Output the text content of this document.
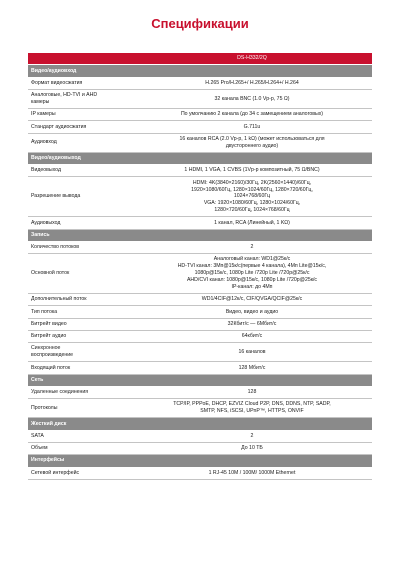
Спецификации
	DS-H332/2Q
Видео/аудиовход	
Формат видеосжатия	H.265 Pro/H.265+/ H.265/H.264+/ H.264
Аналоговые, HD-TVI и AHD
камеры	32 канала BNC (1.0 Vp-p, 75 Ω)
IP камеры	По умолчанию 2 канала (до 34 с замещением аналоговых)
Стандарт аудиосжатия	G.711u
Аудиовход	16 каналов RCA (2.0 Vp-p, 1 kΩ) (может использоваться для
двустороннего аудио)
Видео/аудиовыход	
Видеовыход	1 HDMI, 1 VGA, 1 CVBS (1Vp-p композитный, 75 Ω/BNC)
Разрешение вывода	HDMI: 4K(3840×2160)/30Гц, 2K(2560×1440)/60Гц,
1920×1080/60Гц, 1280×1024/60Гц, 1280×720/60Гц,
1024×768/60Гц
VGA: 1920×1080/60Гц, 1280×1024/60Гц,
1280×720/60Гц, 1024×768/60Гц
Аудиовыход	1 канал, RCA (Линейный, 1 KΩ)
Запись	
Количество потоков	2
Основной поток	Аналоговый канал: WD1@25к/с
HD-TVI канал: 3Мп@15к/с(первые 4 канала), 4Мп Lite@15к/с,
1080p@15к/с, 1080p Lite /720p Lite /720p@25к/с
AHD/CVI канал: 1080p@15к/с, 1080p Lite /720p@25к/с
IP-канал: до 4Мп
Дополнительный поток	WD1/4CIF@12к/с, CIF/QVGA/QCIF@25к/с
Тип потока	Видео, видео и аудио
Битрейт видео	32Кбит/с — 6Мбит/с
Битрейт аудио	64кбит/с
Синхронное
воспроизведение	16 каналов
Входящий поток	128 Мбит/с
Сеть	
Удаленные соединения	128
Протоколы	TCP/IP, PPPoE, DHCP, EZVIZ Cloud P2P, DNS, DDNS, NTP, SADP,
SMTP, NFS, iSCSI, UPnP™, HTTPS, ONVIF
Жесткий диск	
SATA	2
Объем	До 10 ТБ
Интерфейсы	
Сетевой интерфейс	1 RJ-45 10M / 100M/ 1000M Ethernet
